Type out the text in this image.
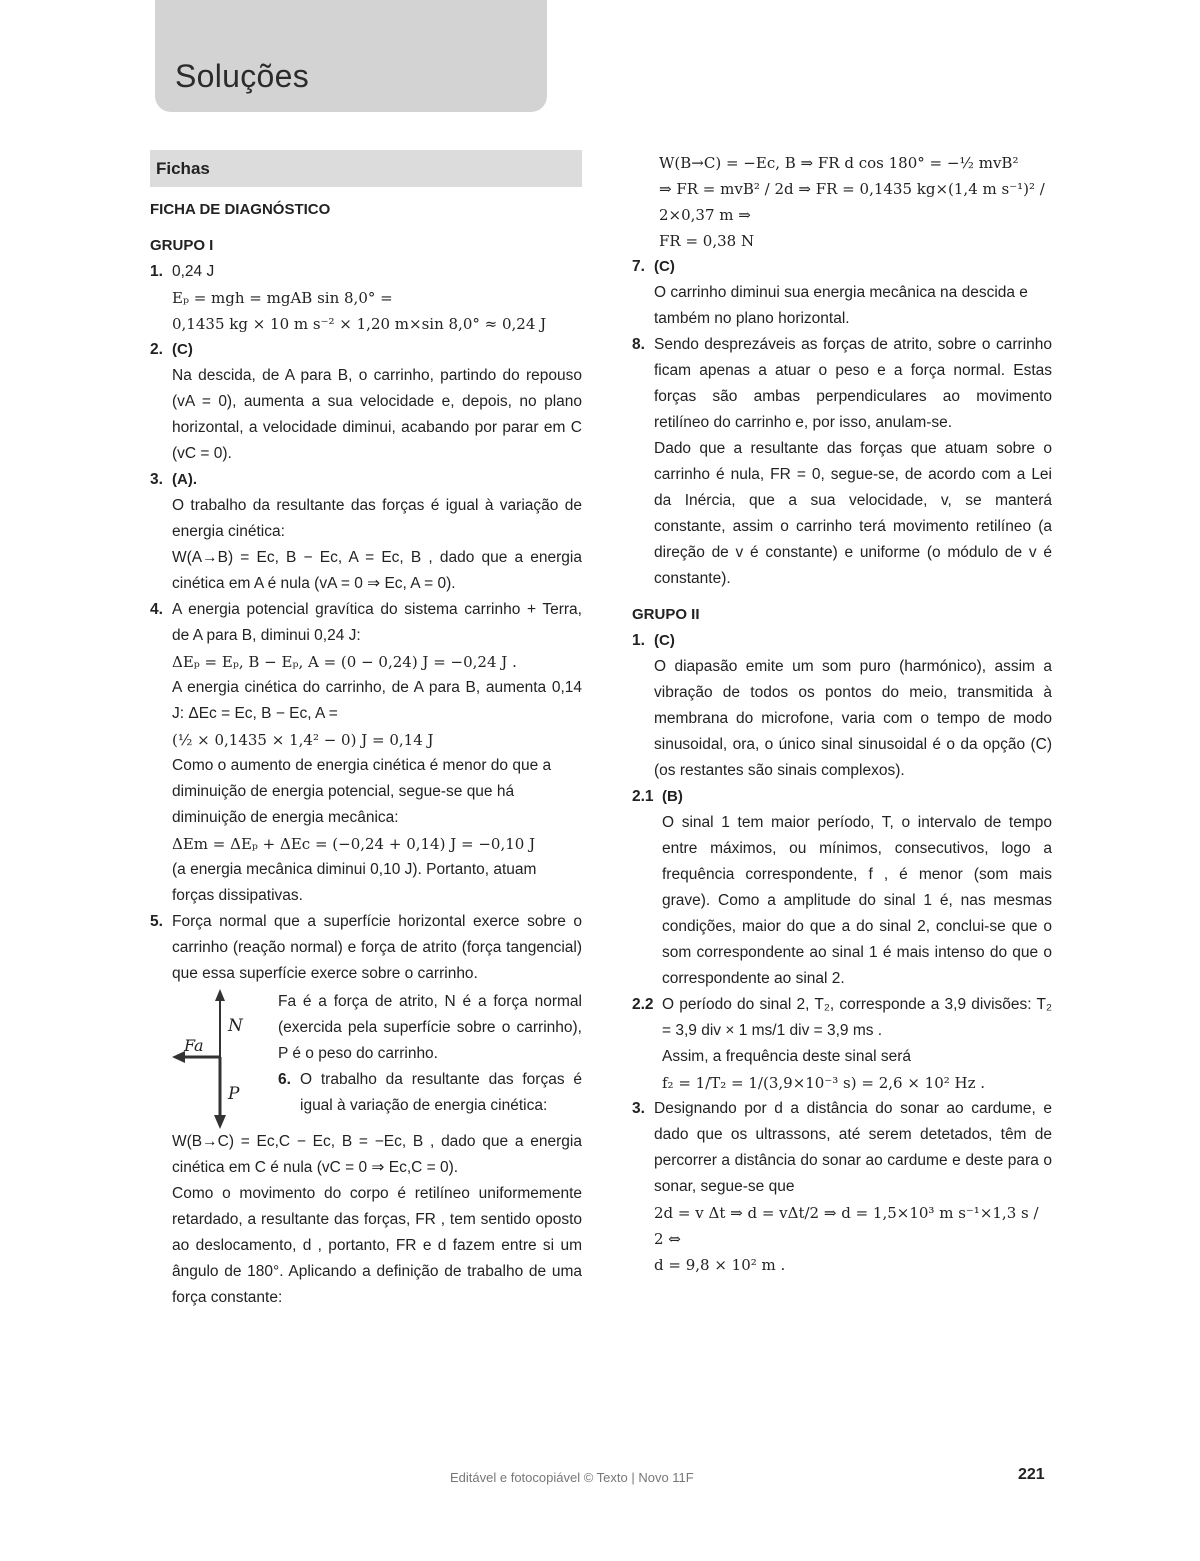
Soluções
Fichas
FICHA DE DIAGNÓSTICO
GRUPO I
1. 0,24 J
Eₚ = mgh = mgAB sin 8,0° =
0,1435 kg × 10 m s⁻² × 1,20 m×sin 8,0° ≈ 0,24 J
2. (C)
Na descida, de A para B, o carrinho, partindo do repouso (vA = 0), aumenta a sua velocidade e, depois, no plano horizontal, a velocidade diminui, acabando por parar em C (vC = 0).
3. (A).
O trabalho da resultante das forças é igual à variação de energia cinética:
W(A→B) = Ec, B − Ec, A = Ec, B , dado que a energia cinética em A é nula (vA = 0 ⇒ Ec, A = 0).
4. A energia potencial gravítica do sistema carrinho + Terra, de A para B, diminui 0,24 J:
ΔEₚ = Eₚ, B − Eₚ, A = (0 − 0,24) J = −0,24 J .
A energia cinética do carrinho, de A para B, aumenta 0,14 J: ΔEc = Ec, B − Ec, A =
(½ × 0,1435 × 1,4² − 0) J = 0,14 J
Como o aumento de energia cinética é menor do que a diminuição de energia potencial, segue-se que há diminuição de energia mecânica:
ΔEm = ΔEₚ + ΔEc = (−0,24 + 0,14) J = −0,10 J
(a energia mecânica diminui 0,10 J). Portanto, atuam forças dissipativas.
5. Força normal que a superfície horizontal exerce sobre o carrinho (reação normal) e força de atrito (força tangencial) que essa superfície exerce sobre o carrinho.
N
Fa
P
Fa é a força de atrito, N é a força normal (exercida pela superfície sobre o carrinho), P é o peso do carrinho.
6. O trabalho da resultante das forças é igual à variação de energia cinética:
W(B→C) = Ec,C − Ec, B = −Ec, B , dado que a energia cinética em C é nula (vC = 0 ⇒ Ec,C = 0).
Como o movimento do corpo é retilíneo uniformemente retardado, a resultante das forças, FR , tem sentido oposto ao deslocamento, d , portanto, FR e d fazem entre si um ângulo de 180°. Aplicando a definição de trabalho de uma força constante:
W(B→C) = −Ec, B ⇒ FR d cos 180° = −½ mvB²
⇒ FR = mvB² / 2d ⇒ FR = 0,1435 kg×(1,4 m s⁻¹)² / 2×0,37 m ⇒
FR = 0,38 N
7. (C)
O carrinho diminui sua energia mecânica na descida e também no plano horizontal.
8. Sendo desprezáveis as forças de atrito, sobre o carrinho ficam apenas a atuar o peso e a força normal. Estas forças são ambas perpendiculares ao movimento retilíneo do carrinho e, por isso, anulam-se.
Dado que a resultante das forças que atuam sobre o carrinho é nula, FR = 0, segue-se, de acordo com a Lei da Inércia, que a sua velocidade, v, se manterá constante, assim o carrinho terá movimento retilíneo (a direção de v é constante) e uniforme (o módulo de v é constante).
GRUPO II
1. (C)
O diapasão emite um som puro (harmónico), assim a vibração de todos os pontos do meio, transmitida à membrana do microfone, varia com o tempo de modo sinusoidal, ora, o único sinal sinusoidal é o da opção (C) (os restantes são sinais complexos).
2.1 (B)
O sinal 1 tem maior período, T, o intervalo de tempo entre máximos, ou mínimos, consecutivos, logo a frequência correspondente, f , é menor (som mais grave). Como a amplitude do sinal 1 é, nas mesmas condições, maior do que a do sinal 2, conclui-se que o som correspondente ao sinal 1 é mais intenso do que o correspondente ao sinal 2.
2.2 O período do sinal 2, T₂, corresponde a 3,9 divisões: T₂ = 3,9 div × 1 ms/1 div = 3,9 ms .
Assim, a frequência deste sinal será
f₂ = 1/T₂ = 1/(3,9×10⁻³ s) = 2,6 × 10² Hz .
3. Designando por d a distância do sonar ao cardume, e dado que os ultrassons, até serem detetados, têm de percorrer a distância do sonar ao cardume e deste para o sonar, segue-se que
2d = v Δt ⇒ d = vΔt/2 ⇒ d = 1,5×10³ m s⁻¹×1,3 s / 2 ⇔
d = 9,8 × 10² m .
Editável e fotocopiável © Texto | Novo 11F	221
